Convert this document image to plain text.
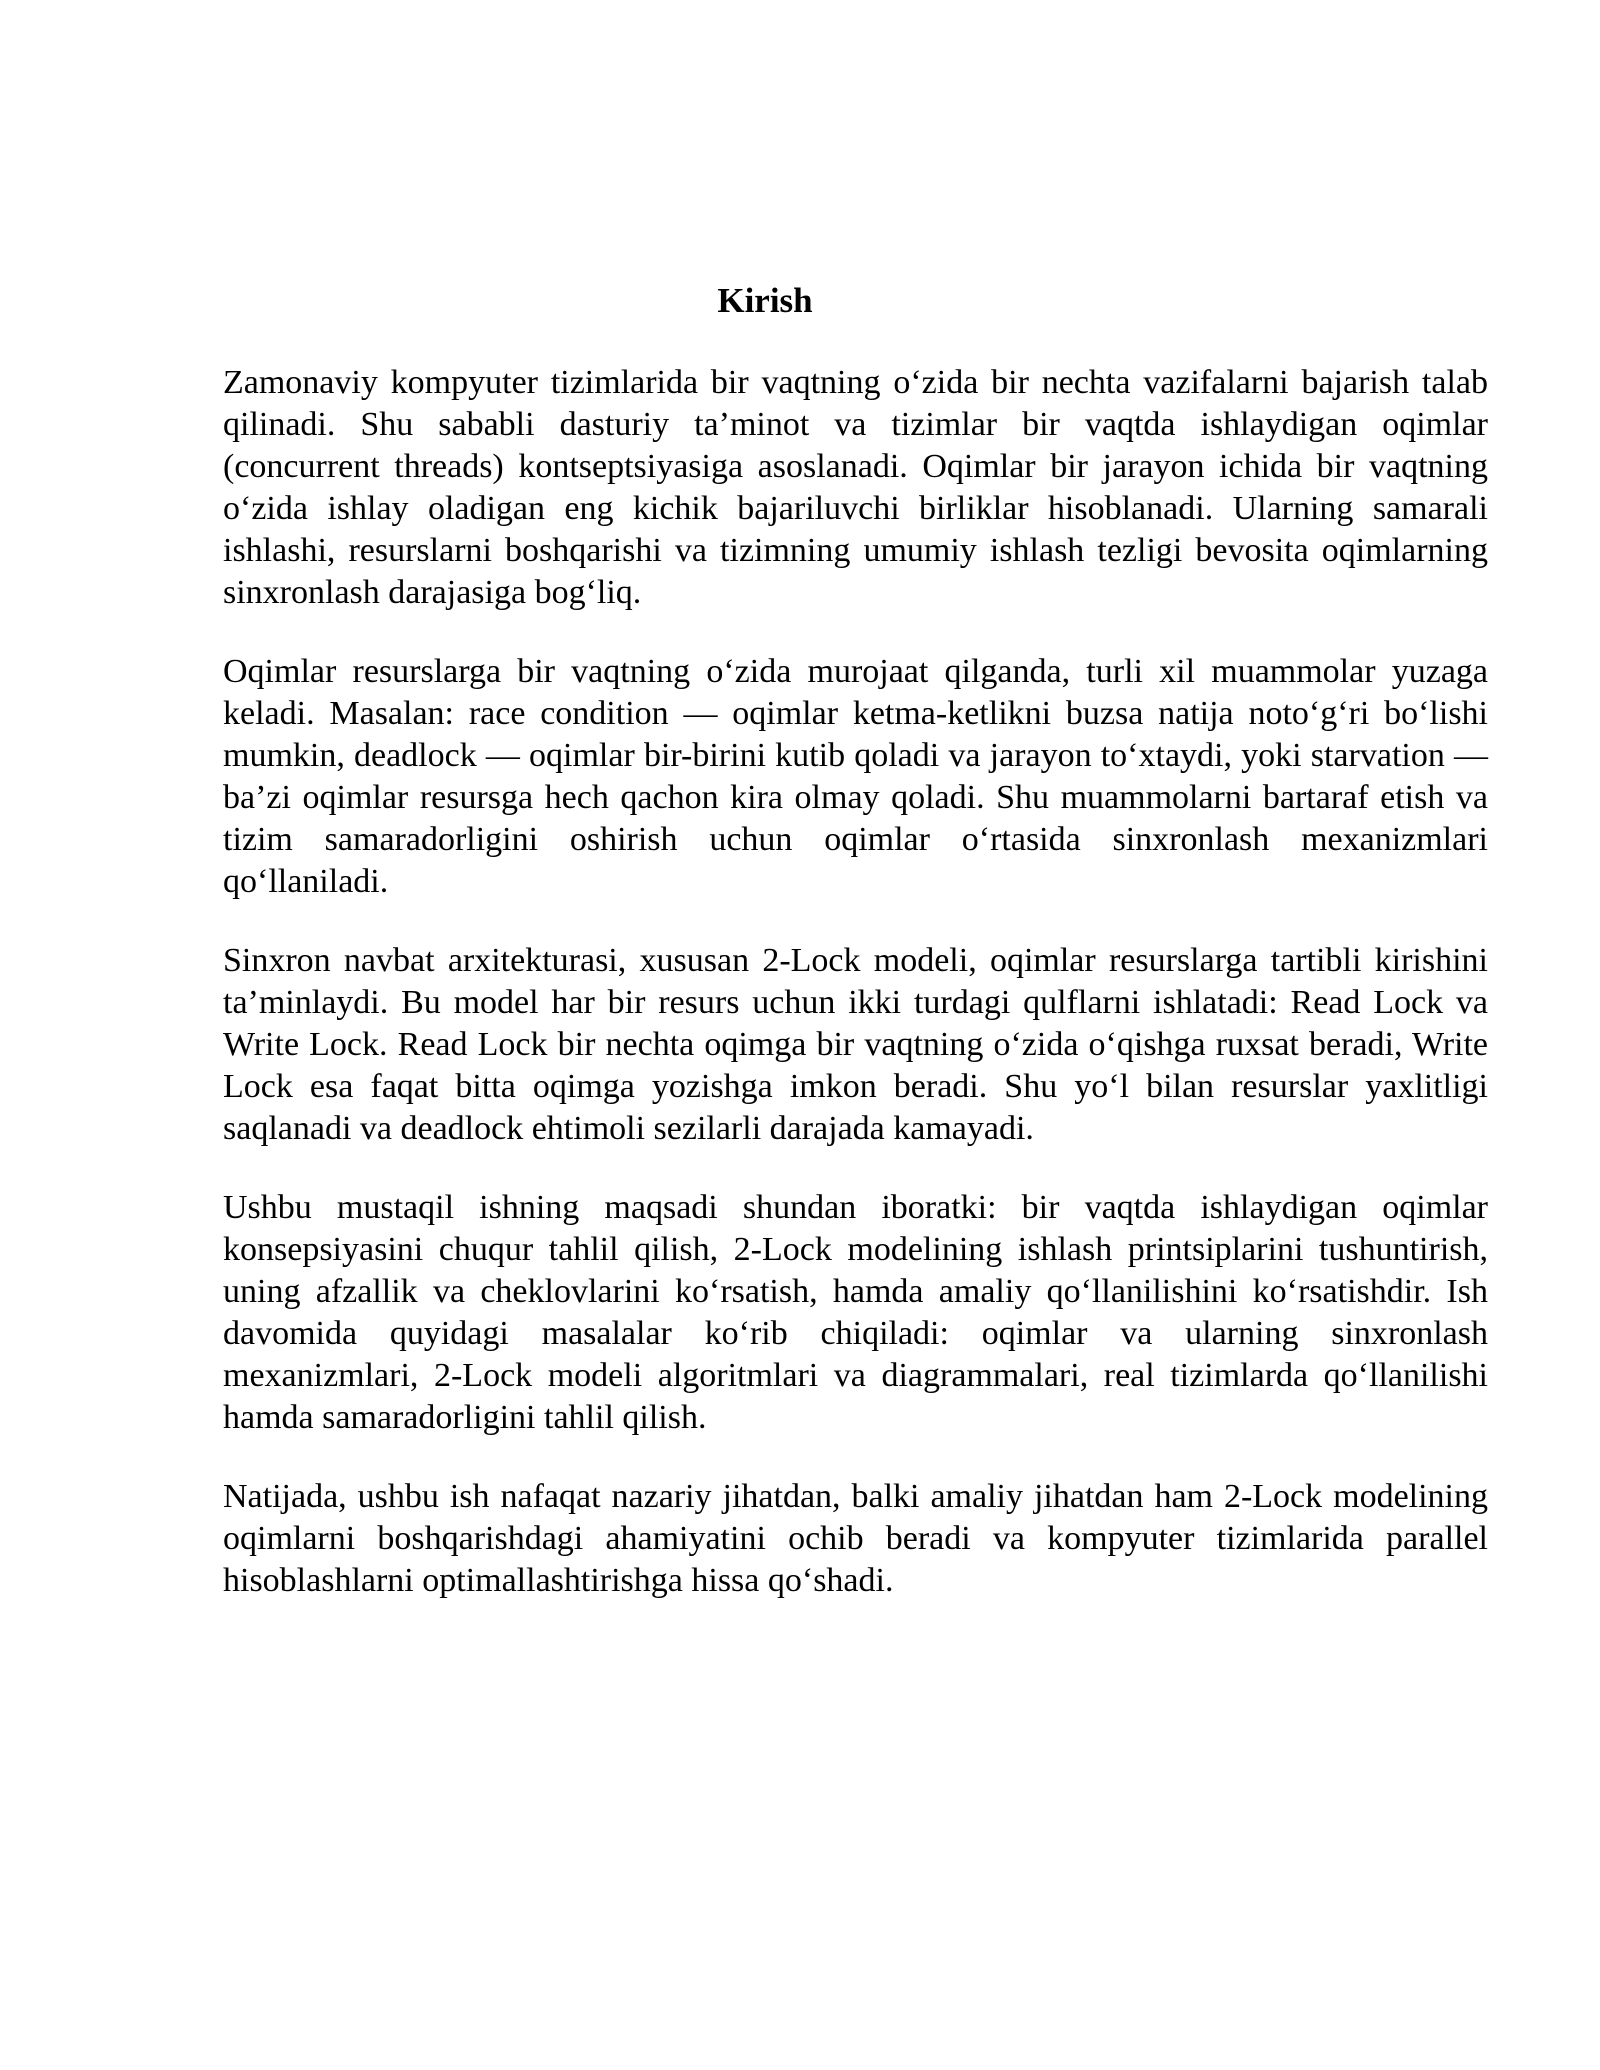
Kirish

Zamonaviy kompyuter tizimlarida bir vaqtning o‘zida bir nechta vazifalarni bajarish talab qilinadi. Shu sababli dasturiy ta’minot va tizimlar bir vaqtda ishlaydigan oqimlar (concurrent threads) kontseptsiyasiga asoslanadi. Oqimlar bir jarayon ichida bir vaqtning o‘zida ishlay oladigan eng kichik bajariluvchi birliklar hisoblanadi. Ularning samarali ishlashi, resurslarni boshqarishi va tizimning umumiy ishlash tezligi bevosita oqimlarning sinxronlash darajasiga bog‘liq.

Oqimlar resurslarga bir vaqtning o‘zida murojaat qilganda, turli xil muammolar yuzaga keladi. Masalan: race condition — oqimlar ketma-ketlikni buzsa natija noto‘g‘ri bo‘lishi mumkin, deadlock — oqimlar bir-birini kutib qoladi va jarayon to‘xtaydi, yoki starvation — ba’zi oqimlar resursga hech qachon kira olmay qoladi. Shu muammolarni bartaraf etish va tizim samaradorligini oshirish uchun oqimlar o‘rtasida sinxronlash mexanizmlari qo‘llaniladi.

Sinxron navbat arxitekturasi, xususan 2-Lock modeli, oqimlar resurslarga tartibli kirishini ta’minlaydi. Bu model har bir resurs uchun ikki turdagi qulflarni ishlatadi: Read Lock va Write Lock. Read Lock bir nechta oqimga bir vaqtning o‘zida o‘qishga ruxsat beradi, Write Lock esa faqat bitta oqimga yozishga imkon beradi. Shu yo‘l bilan resurslar yaxlitligi saqlanadi va deadlock ehtimoli sezilarli darajada kamayadi.

Ushbu mustaqil ishning maqsadi shundan iboratki: bir vaqtda ishlaydigan oqimlar konsepsiyasini chuqur tahlil qilish, 2-Lock modelining ishlash printsiplarini tushuntirish, uning afzallik va cheklovlarini ko‘rsatish, hamda amaliy qo‘llanilishini ko‘rsatishdir. Ish davomida quyidagi masalalar ko‘rib chiqiladi: oqimlar va ularning sinxronlash mexanizmlari, 2-Lock modeli algoritmlari va diagrammalari, real tizimlarda qo‘llanilishi hamda samaradorligini tahlil qilish.

Natijada, ushbu ish nafaqat nazariy jihatdan, balki amaliy jihatdan ham 2-Lock modelining oqimlarni boshqarishdagi ahamiyatini ochib beradi va kompyuter tizimlarida parallel hisoblashlarni optimallashtirishga hissa qo‘shadi.
